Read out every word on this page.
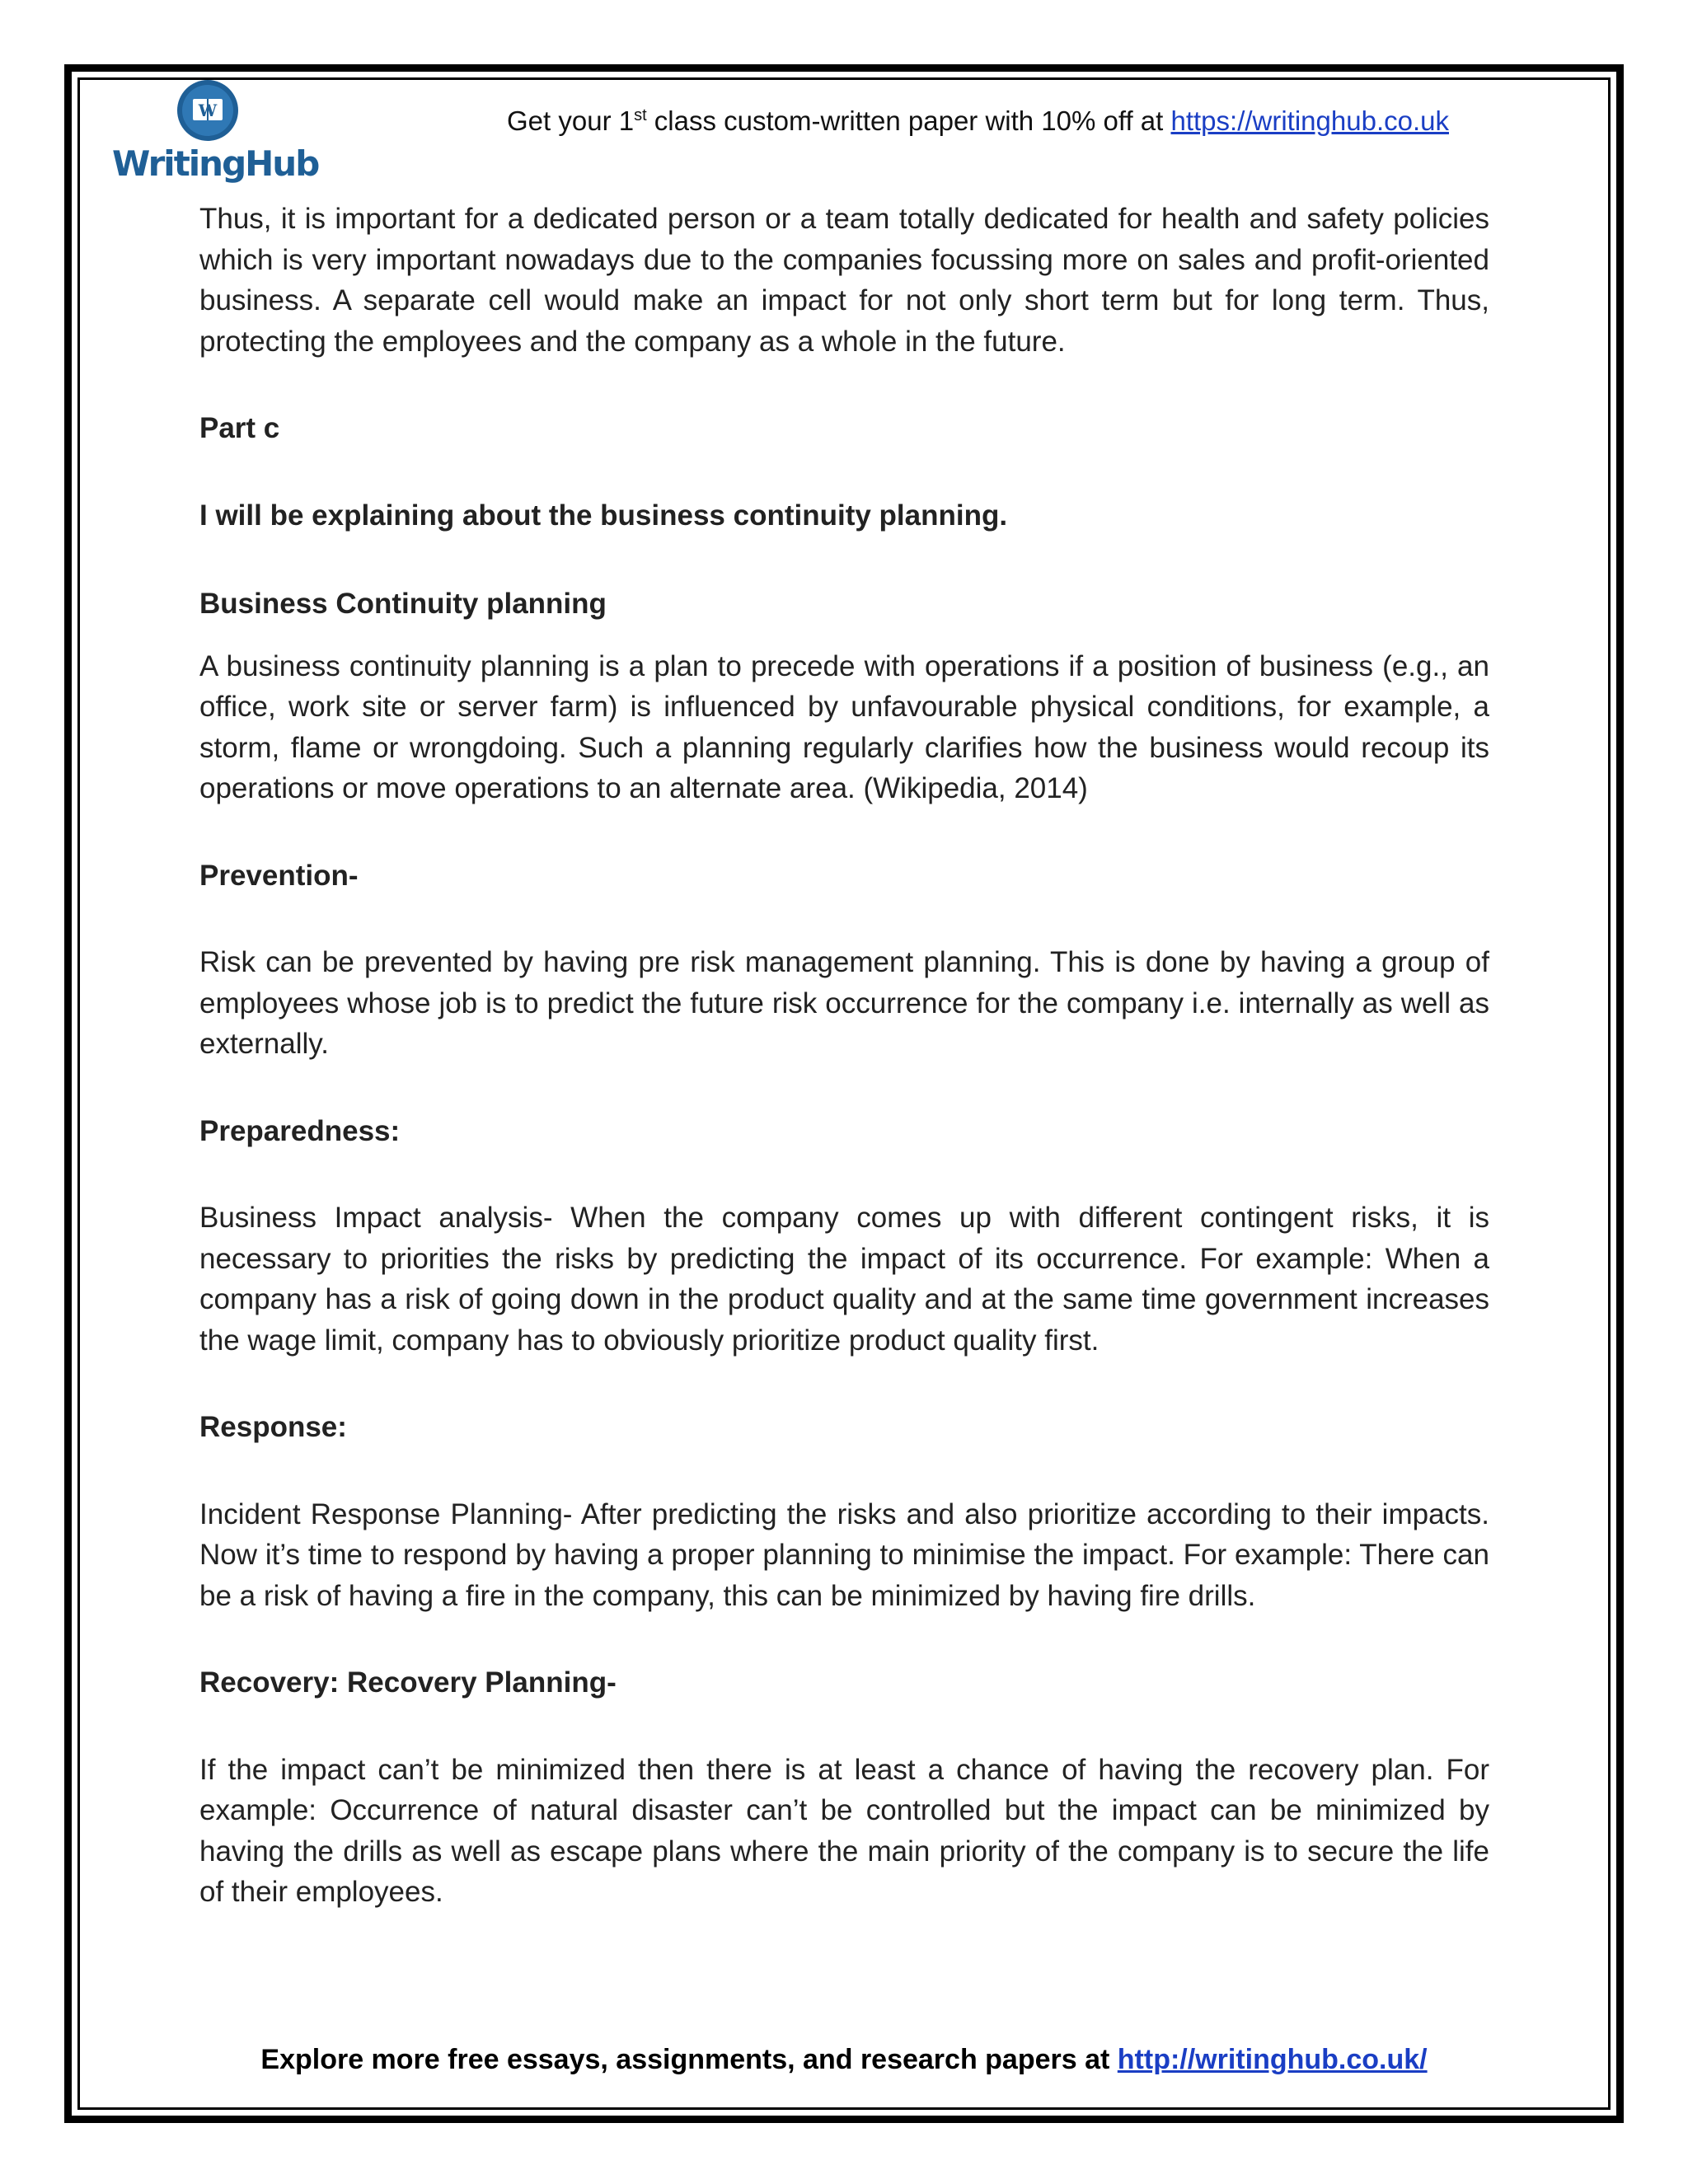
W
WritingHub
Get your 1st class custom-written paper with 10% off at https://writinghub.co.uk

Thus, it is important for a dedicated person or a team totally dedicated for health and safety policies which is very important nowadays due to the companies focussing more on sales and profit-oriented business. A separate cell would make an impact for not only short term but for long term. Thus, protecting the employees and the company as a whole in the future.

Part c

I will be explaining about the business continuity planning.

Business Continuity planning

A business continuity planning is a plan to precede with operations if a position of business (e.g., an office, work site or server farm) is influenced by unfavourable physical conditions, for example, a storm, flame or wrongdoing. Such a planning regularly clarifies how the business would recoup its operations or move operations to an alternate area. (Wikipedia, 2014)

Prevention-

Risk can be prevented by having pre risk management planning. This is done by having a group of employees whose job is to predict the future risk occurrence for the company i.e. internally as well as externally.

Preparedness:

Business Impact analysis- When the company comes up with different contingent risks, it is necessary to priorities the risks by predicting the impact of its occurrence. For example: When a company has a risk of going down in the product quality and at the same time government increases the wage limit, company has to obviously prioritize product quality first.

Response:

Incident Response Planning- After predicting the risks and also prioritize according to their impacts. Now it’s time to respond by having a proper planning to minimise the impact. For example: There can be a risk of having a fire in the company, this can be minimized by having fire drills.

Recovery: Recovery Planning-

If the impact can’t be minimized then there is at least a chance of having the recovery plan. For example: Occurrence of natural disaster can’t be controlled but the impact can be minimized by having the drills as well as escape plans where the main priority of the company is to secure the life of their employees.

Explore more free essays, assignments, and research papers at http://writinghub.co.uk/
